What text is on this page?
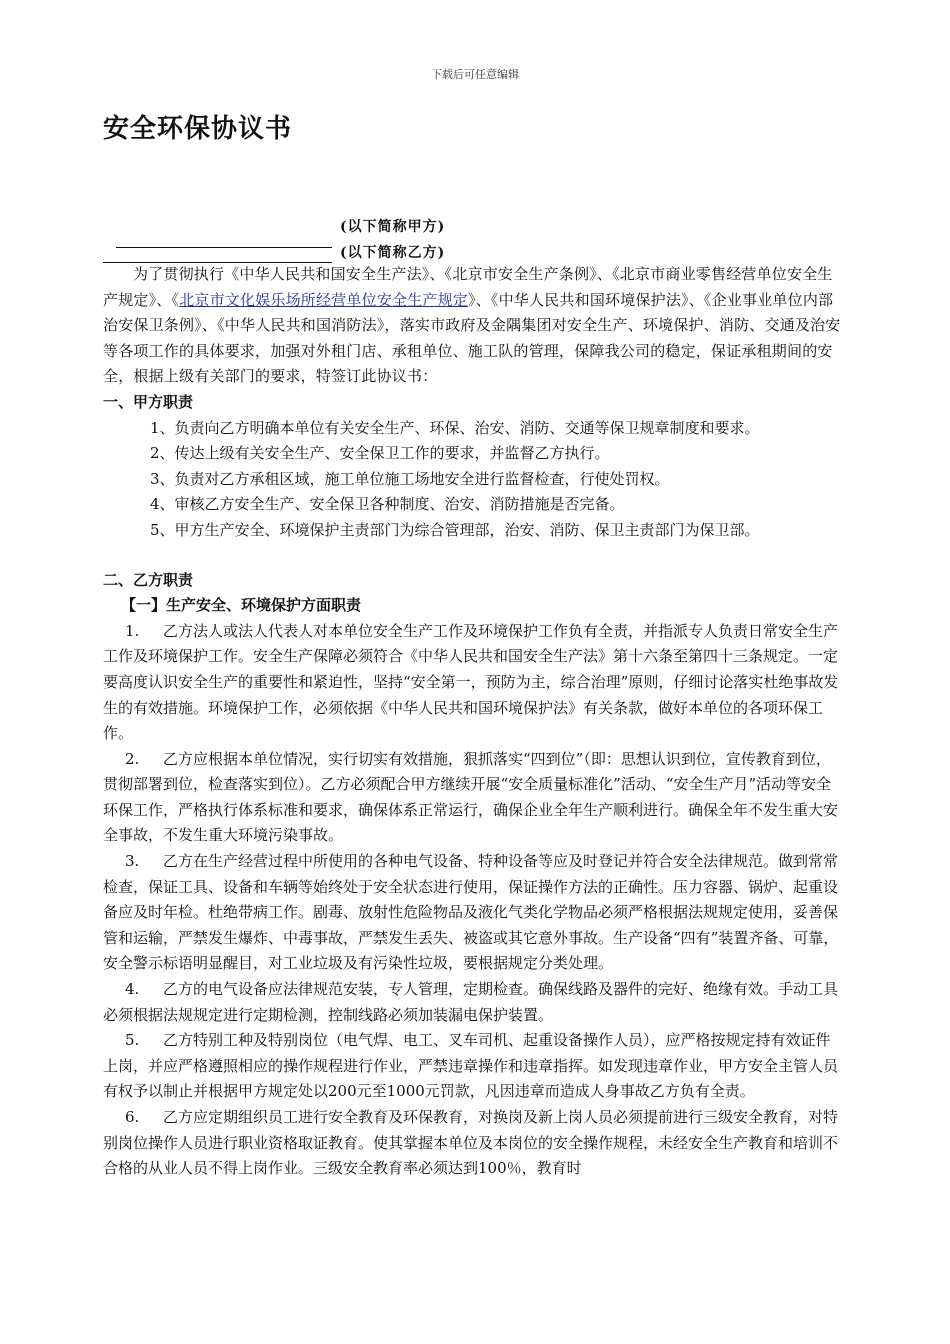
下载后可任意编辑
安全环保协议书
(以下简称甲方)
(以下简称乙方)

为了贯彻执行《中华人民共和国安全生产法》、《北京市安全生产条例》、《北京市商业零售经营单位安全生产规定》、《北京市文化娱乐场所经营单位安全生产规定》、《中华人民共和国环境保护法》、《企业事业单位内部治安保卫条例》、《中华人民共和国消防法》，落实市政府及金隅集团对安全生产、环境保护、消防、交通及治安等各项工作的具体要求，加强对外租门店、承租单位、施工队的管理，保障我公司的稳定，保证承租期间的安全，根据上级有关部门的要求，特签订此协议书：

一、甲方职责

1、负责向乙方明确本单位有关安全生产、环保、治安、消防、交通等保卫规章制度和要求。

2、传达上级有关安全生产、安全保卫工作的要求，并监督乙方执行。

3、负责对乙方承租区域，施工单位施工场地安全进行监督检查，行使处罚权。

4、审核乙方安全生产、安全保卫各种制度、治安、消防措施是否完备。

5、甲方生产安全、环境保护主责部门为综合管理部，治安、消防、保卫主责部门为保卫部。

二、乙方职责

【一】生产安全、环境保护方面职责

1. 乙方法人或法人代表人对本单位安全生产工作及环境保护工作负有全责，并指派专人负责日常安全生产工作及环境保护工作。安全生产保障必须符合《中华人民共和国安全生产法》第十六条至第四十三条规定。一定要高度认识安全生产的重要性和紧迫性，坚持“安全第一，预防为主，综合治理”原则，仔细讨论落实杜绝事故发生的有效措施。环境保护工作，必须依据《中华人民共和国环境保护法》有关条款，做好本单位的各项环保工作。

2. 乙方应根据本单位情况，实行切实有效措施，狠抓落实“四到位”（即：思想认识到位，宣传教育到位，贯彻部署到位，检查落实到位）。乙方必须配合甲方继续开展“安全质量标准化”活动、“安全生产月”活动等安全环保工作，严格执行体系标准和要求，确保体系正常运行，确保企业全年生产顺利进行。确保全年不发生重大安全事故，不发生重大环境污染事故。

3. 乙方在生产经营过程中所使用的各种电气设备、特种设备等应及时登记并符合安全法律规范。做到常常检查，保证工具、设备和车辆等始终处于安全状态进行使用，保证操作方法的正确性。压力容器、锅炉、起重设备应及时年检。杜绝带病工作。剧毒、放射性危险物品及液化气类化学物品必须严格根据法规规定使用，妥善保管和运输，严禁发生爆炸、中毒事故，严禁发生丢失、被盗或其它意外事故。生产设备“四有”装置齐备、可靠，安全警示标语明显醒目，对工业垃圾及有污染性垃圾，要根据规定分类处理。

4. 乙方的电气设备应法律规范安装，专人管理，定期检查。确保线路及器件的完好、绝缘有效。手动工具必须根据法规规定进行定期检测，控制线路必须加装漏电保护装置。

5. 乙方特别工种及特别岗位（电气焊、电工、叉车司机、起重设备操作人员），应严格按规定持有效证件上岗，并应严格遵照相应的操作规程进行作业，严禁违章操作和违章指挥。如发现违章作业，甲方安全主管人员有权予以制止并根据甲方规定处以200元至1000元罚款，凡因违章而造成人身事故乙方负有全责。

6. 乙方应定期组织员工进行安全教育及环保教育，对换岗及新上岗人员必须提前进行三级安全教育，对特别岗位操作人员进行职业资格取证教育。使其掌握本单位及本岗位的安全操作规程，未经安全生产教育和培训不合格的从业人员不得上岗作业。三级安全教育率必须达到100％，教育时
